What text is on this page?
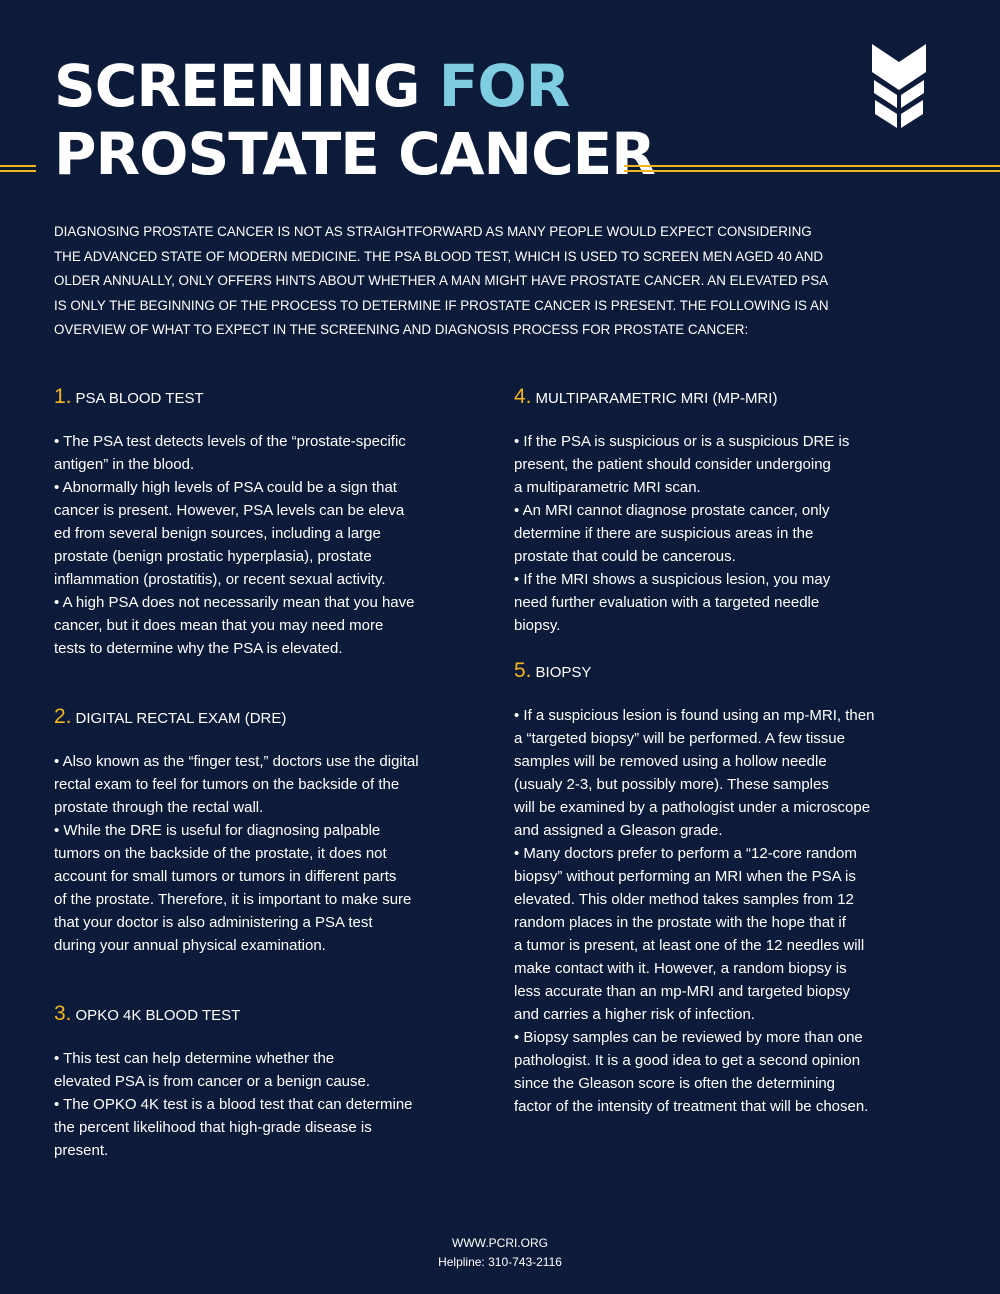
SCREENING FOR
PROSTATE CANCER
DIAGNOSING PROSTATE CANCER IS NOT AS STRAIGHTFORWARD AS MANY PEOPLE WOULD EXPECT CONSIDERING
THE ADVANCED STATE OF MODERN MEDICINE. THE PSA BLOOD TEST, WHICH IS USED TO SCREEN MEN AGED 40 AND
OLDER ANNUALLY, ONLY OFFERS HINTS ABOUT WHETHER A MAN MIGHT HAVE PROSTATE CANCER. AN ELEVATED PSA
IS ONLY THE BEGINNING OF THE PROCESS TO DETERMINE IF PROSTATE CANCER IS PRESENT. THE FOLLOWING IS AN
OVERVIEW OF WHAT TO EXPECT IN THE SCREENING AND DIAGNOSIS PROCESS FOR PROSTATE CANCER:
1. PSA BLOOD TEST
• The PSA test detects levels of the “prostate-specific
antigen” in the blood.
• Abnormally high levels of PSA could be a sign that
cancer is present. However, PSA levels can be eleva
ed from several benign sources, including a large
prostate (benign prostatic hyperplasia), prostate
inflammation (prostatitis), or recent sexual activity.
• A high PSA does not necessarily mean that you have
cancer, but it does mean that you may need more
tests to determine why the PSA is elevated.
2. DIGITAL RECTAL EXAM (DRE)
• Also known as the “finger test,” doctors use the digital
rectal exam to feel for tumors on the backside of the
prostate through the rectal wall.
• While the DRE is useful for diagnosing palpable
tumors on the backside of the prostate, it does not
account for small tumors or tumors in different parts
of the prostate. Therefore, it is important to make sure
that your doctor is also administering a PSA test
during your annual physical examination.
3. OPKO 4K BLOOD TEST
• This test can help determine whether the
elevated PSA is from cancer or a benign cause.
• The OPKO 4K test is a blood test that can determine
the percent likelihood that high-grade disease is
present.
4. MULTIPARAMETRIC MRI (MP-MRI)
• If the PSA is suspicious or is a suspicious DRE is
present, the patient should consider undergoing
a multiparametric MRI scan.
• An MRI cannot diagnose prostate cancer, only
determine if there are suspicious areas in the
prostate that could be cancerous.
• If the MRI shows a suspicious lesion, you may
need further evaluation with a targeted needle
biopsy.
5. BIOPSY
• If a suspicious lesion is found using an mp-MRI, then
a “targeted biopsy” will be performed. A few tissue
samples will be removed using a hollow needle
(usualy 2-3, but possibly more). These samples
will be examined by a pathologist under a microscope
and assigned a Gleason grade.
• Many doctors prefer to perform a “12-core random
biopsy” without performing an MRI when the PSA is
elevated. This older method takes samples from 12
random places in the prostate with the hope that if
a tumor is present, at least one of the 12 needles will
make contact with it. However, a random biopsy is
less accurate than an mp-MRI and targeted biopsy
and carries a higher risk of infection.
• Biopsy samples can be reviewed by more than one
pathologist. It is a good idea to get a second opinion
since the Gleason score is often the determining
factor of the intensity of treatment that will be chosen.
WWW.PCRI.ORG
Helpline: 310-743-2116
